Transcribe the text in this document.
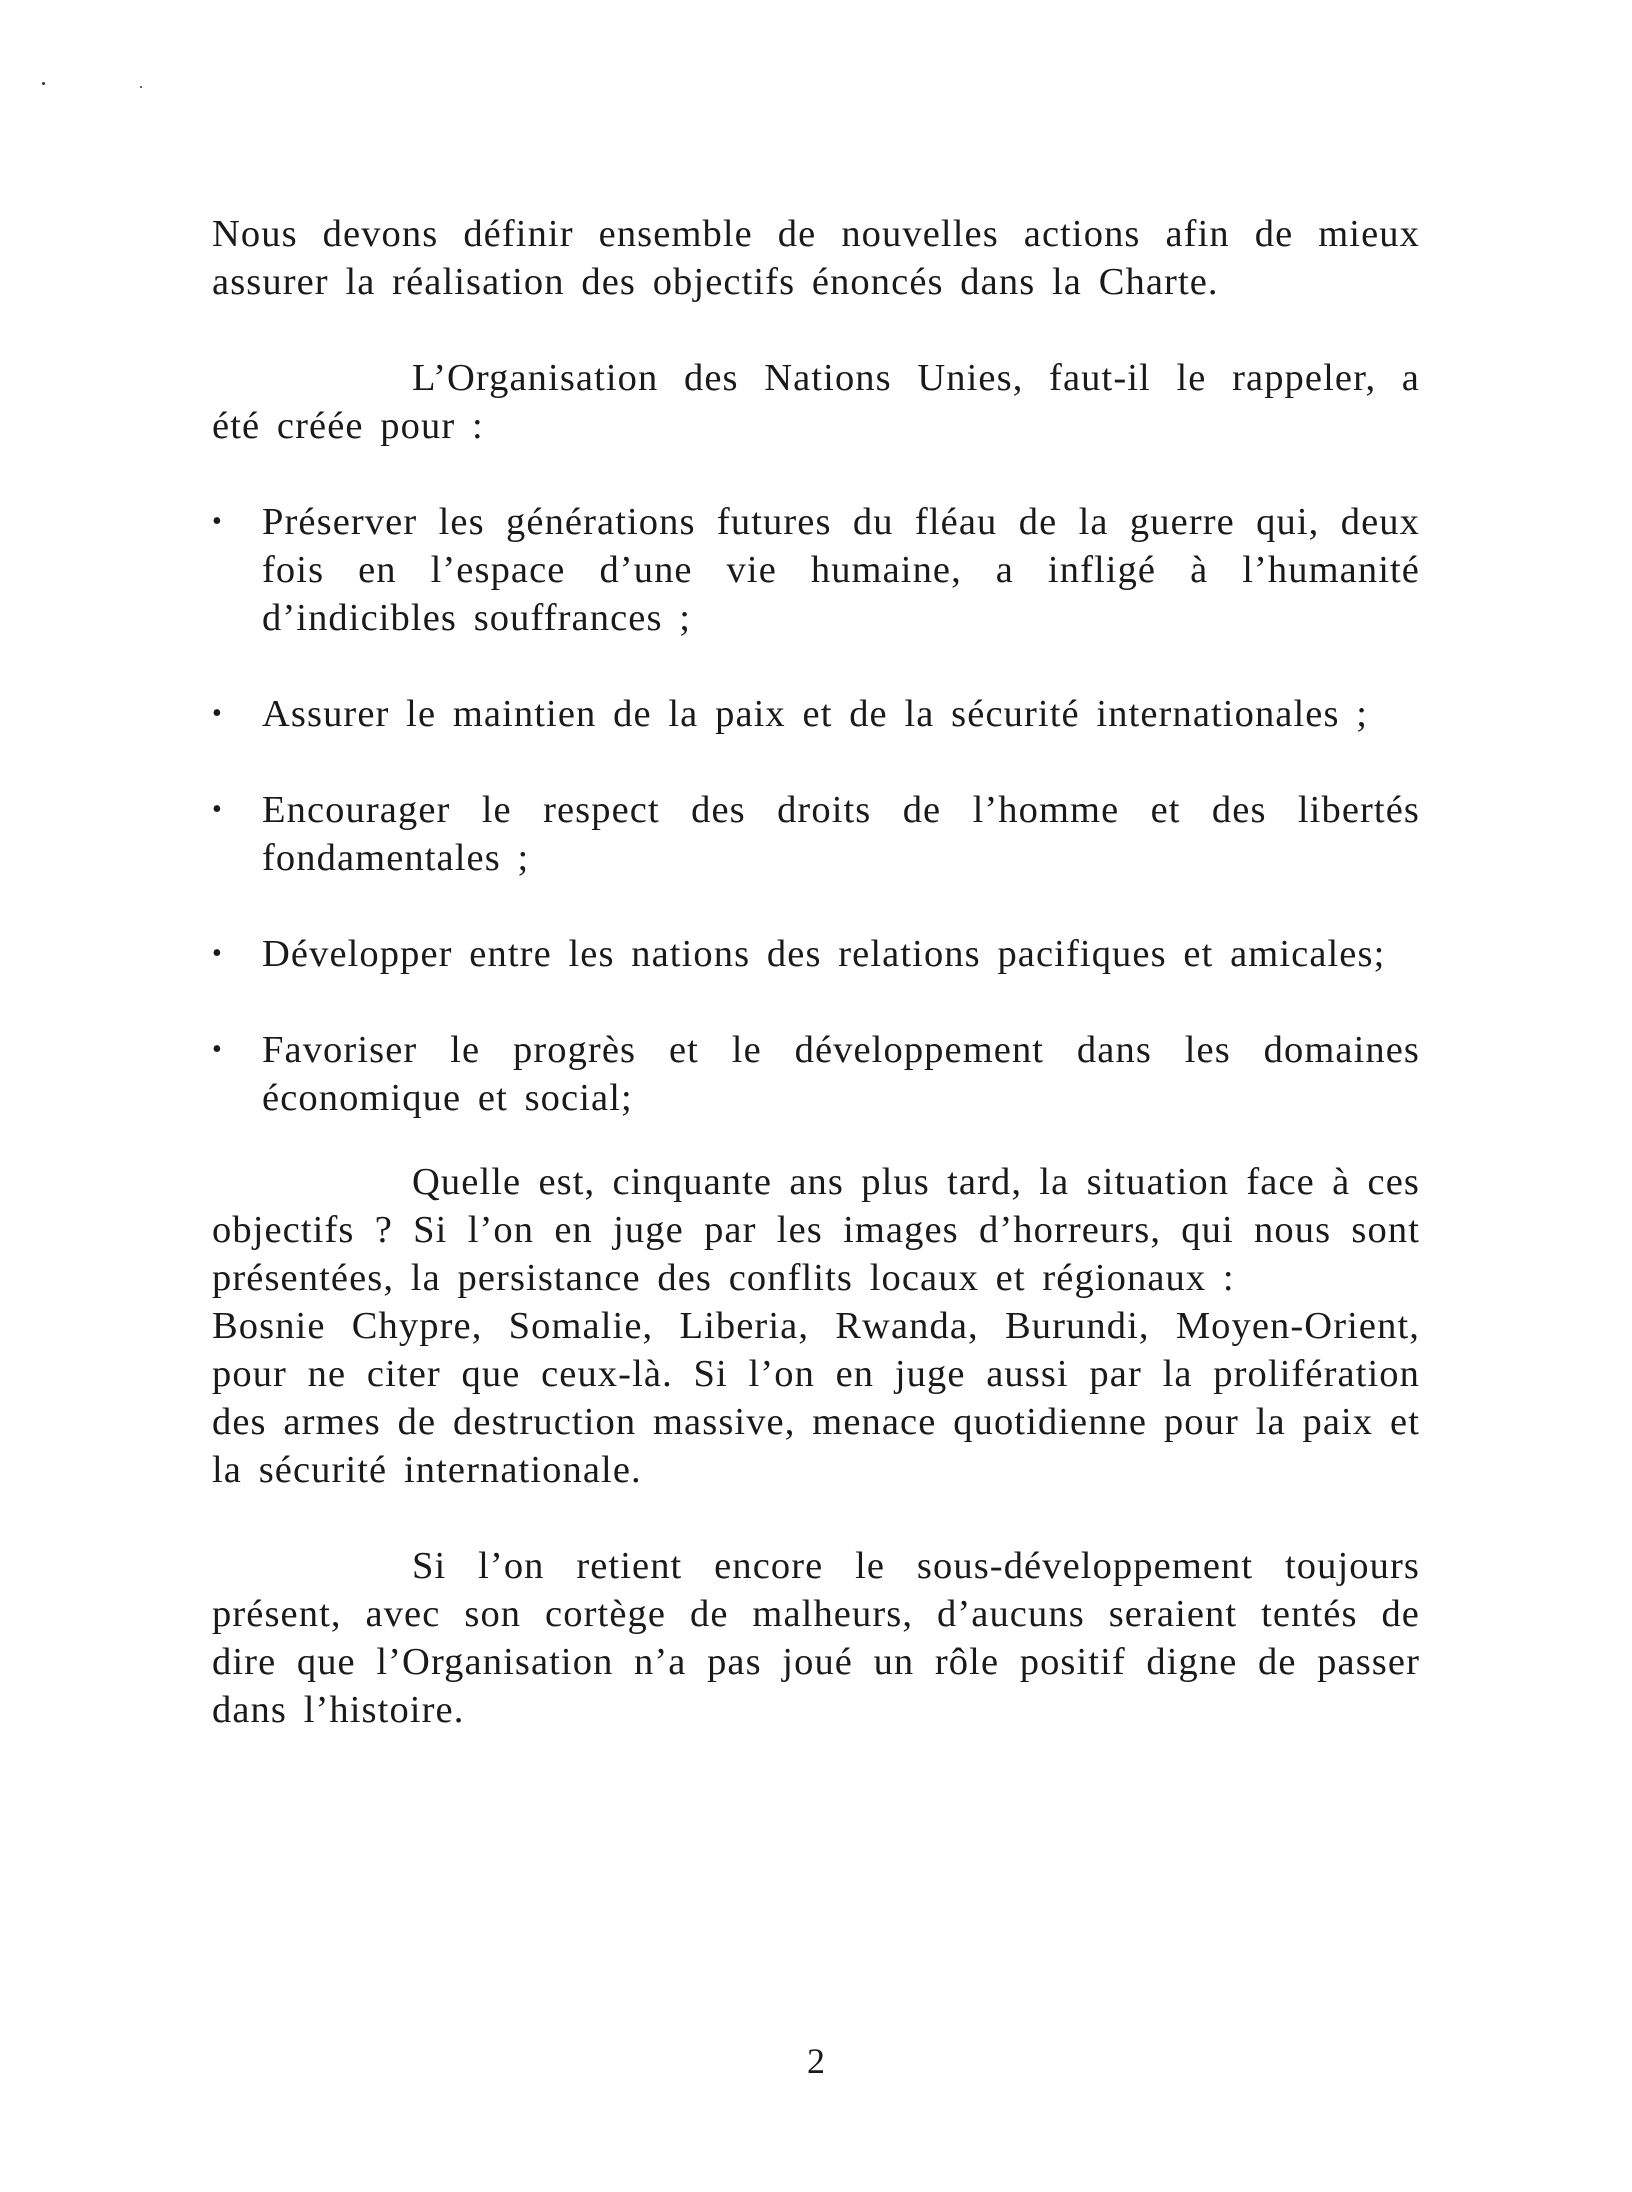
Nous devons définir ensemble de nouvelles actions afin de mieux assurer la réalisation des objectifs énoncés dans la Charte.

L’Organisation des Nations Unies, faut-il le rappeler, a été créée pour :

• Préserver les générations futures du fléau de la guerre qui, deux fois en l’espace d’une vie humaine, a infligé à l’humanité d’indicibles souffrances ;
• Assurer le maintien de la paix et de la sécurité internationales ;
• Encourager le respect des droits de l’homme et des libertés fondamentales ;
• Développer entre les nations des relations pacifiques et amicales;
• Favoriser le progrès et le développement dans les domaines économique et social;
Quelle est, cinquante ans plus tard, la situation face à ces objectifs ? Si l’on en juge par les images d’horreurs, qui nous sont présentées, la persistance des conflits locaux et régionaux :
Bosnie Chypre, Somalie, Liberia, Rwanda, Burundi, Moyen-Orient, pour ne citer que ceux-là. Si l’on en juge aussi par la prolifération des armes de destruction massive, menace quotidienne pour la paix et la sécurité internationale.

Si l’on retient encore le sous-développement toujours présent, avec son cortège de malheurs, d’aucuns seraient tentés de dire que l’Organisation n’a pas joué un rôle positif digne de passer dans l’histoire.

2
